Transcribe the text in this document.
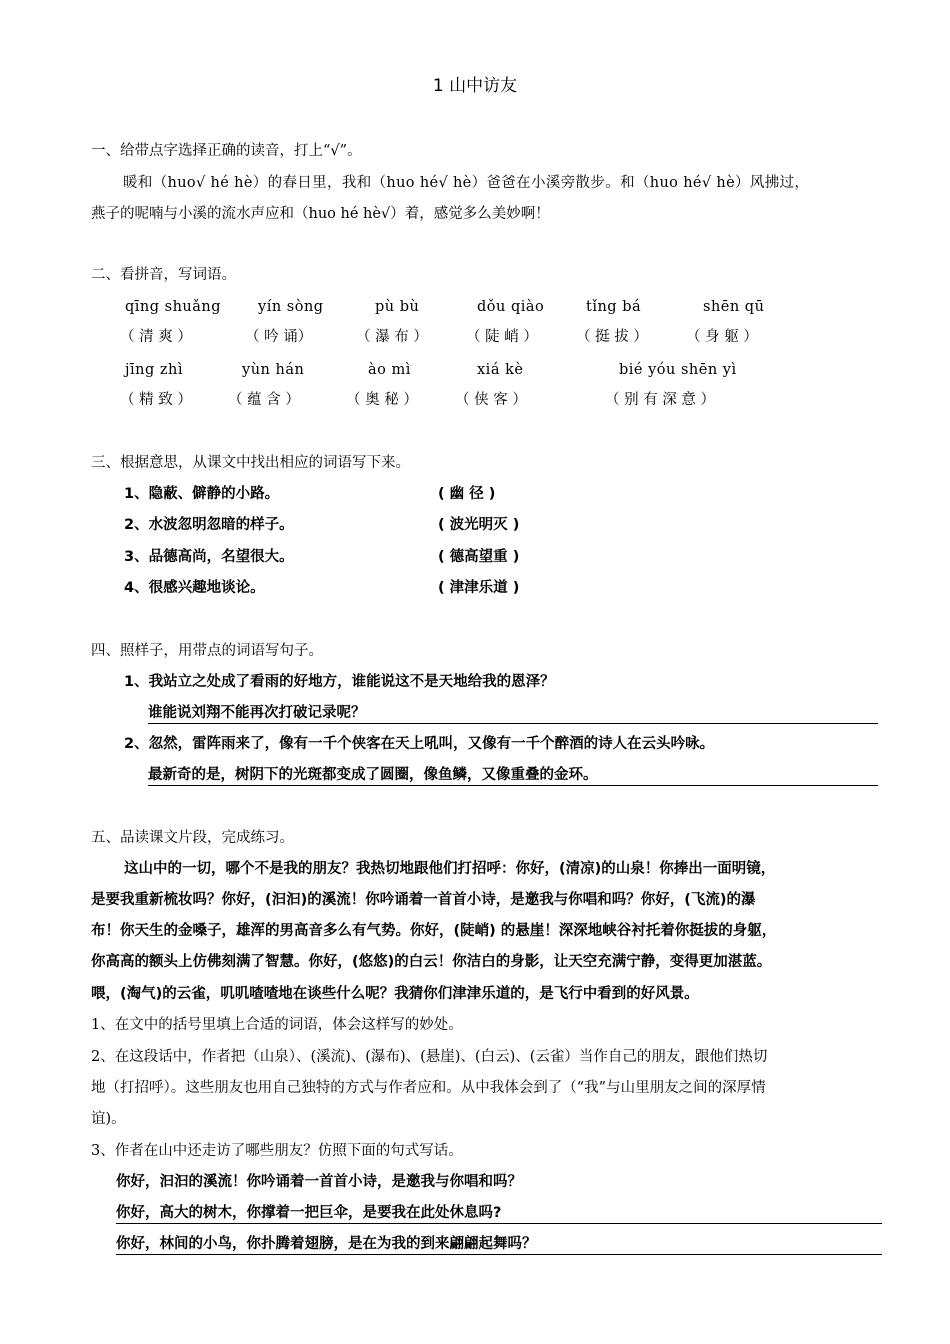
1 山中访友
一、给带点字选择正确的读音，打上“√”。
暖和（huo√ hé hè）的春日里，我和（huo hé√ hè）爸爸在小溪旁散步。和（huo hé√ hè）风拂过，
燕子的呢喃与小溪的流水声应和（huo hé hè√）着，感觉多么美妙啊！
二、看拼音，写词语。
qīng shuǎng	yín sòng	pù bù	dǒu qiào	tǐng bá	shēn qū
（ 清 爽 ）	（ 吟 诵）	（ 瀑 布 ）	（ 陡 峭 ）	（ 挺 拔 ）	（ 身 躯 ）
jīng zhì	yùn hán	ào mì	xiá kè	bié yóu shēn yì
（ 精 致 ） （ 蕴 含 ）	（ 奥 秘 ）	（ 侠 客 ）	（ 别 有 深 意 ）
三、根据意思，从课文中找出相应的词语写下来。
1、隐蔽、僻静的小路。	( 幽 径 )
2、水波忽明忽暗的样子。	( 波光明灭 )
3、品德高尚，名望很大。	( 德高望重 )
4、很感兴趣地谈论。	( 津津乐道 )
四、照样子，用带点的词语写句子。
1、我站立之处成了看雨的好地方，谁能说这不是天地给我的恩泽？
谁能说刘翔不能再次打破记录呢？
2、忽然，雷阵雨来了，像有一千个侠客在天上吼叫，又像有一千个醉酒的诗人在云头吟咏。
最新奇的是，树阴下的光斑都变成了圆圈，像鱼鳞，又像重叠的金环。
五、品读课文片段，完成练习。
这山中的一切，哪个不是我的朋友？我热切地跟他们打招呼：你好，(清凉)的山泉！你捧出一面明镜，
是要我重新梳妆吗？你好，(汩汩)的溪流！你吟诵着一首首小诗，是邀我与你唱和吗？你好，(飞流)的瀑
布！你天生的金嗓子，雄浑的男高音多么有气势。你好，(陡峭) 的悬崖！深深地峡谷衬托着你挺拔的身躯，
你高高的额头上仿佛刻满了智慧。你好，(悠悠)的白云！你洁白的身影，让天空充满宁静，变得更加湛蓝。
喂，(淘气)的云雀，叽叽喳喳地在谈些什么呢？我猜你们津津乐道的，是飞行中看到的好风景。
1、在文中的括号里填上合适的词语，体会这样写的妙处。
2、在这段话中，作者把（山泉）、(溪流)、(瀑布)、(悬崖)、(白云)、(云雀）当作自己的朋友，跟他们热切
地（打招呼）。这些朋友也用自己独特的方式与作者应和。从中我体会到了（“我”与山里朋友之间的深厚情
谊)。
3、作者在山中还走访了哪些朋友？仿照下面的句式写话。
你好，汩汩的溪流！你吟诵着一首首小诗，是邀我与你唱和吗？
你好，高大的树木，你撑着一把巨伞，是要我在此处休息吗?
你好，林间的小鸟，你扑腾着翅膀，是在为我的到来翩翩起舞吗？
